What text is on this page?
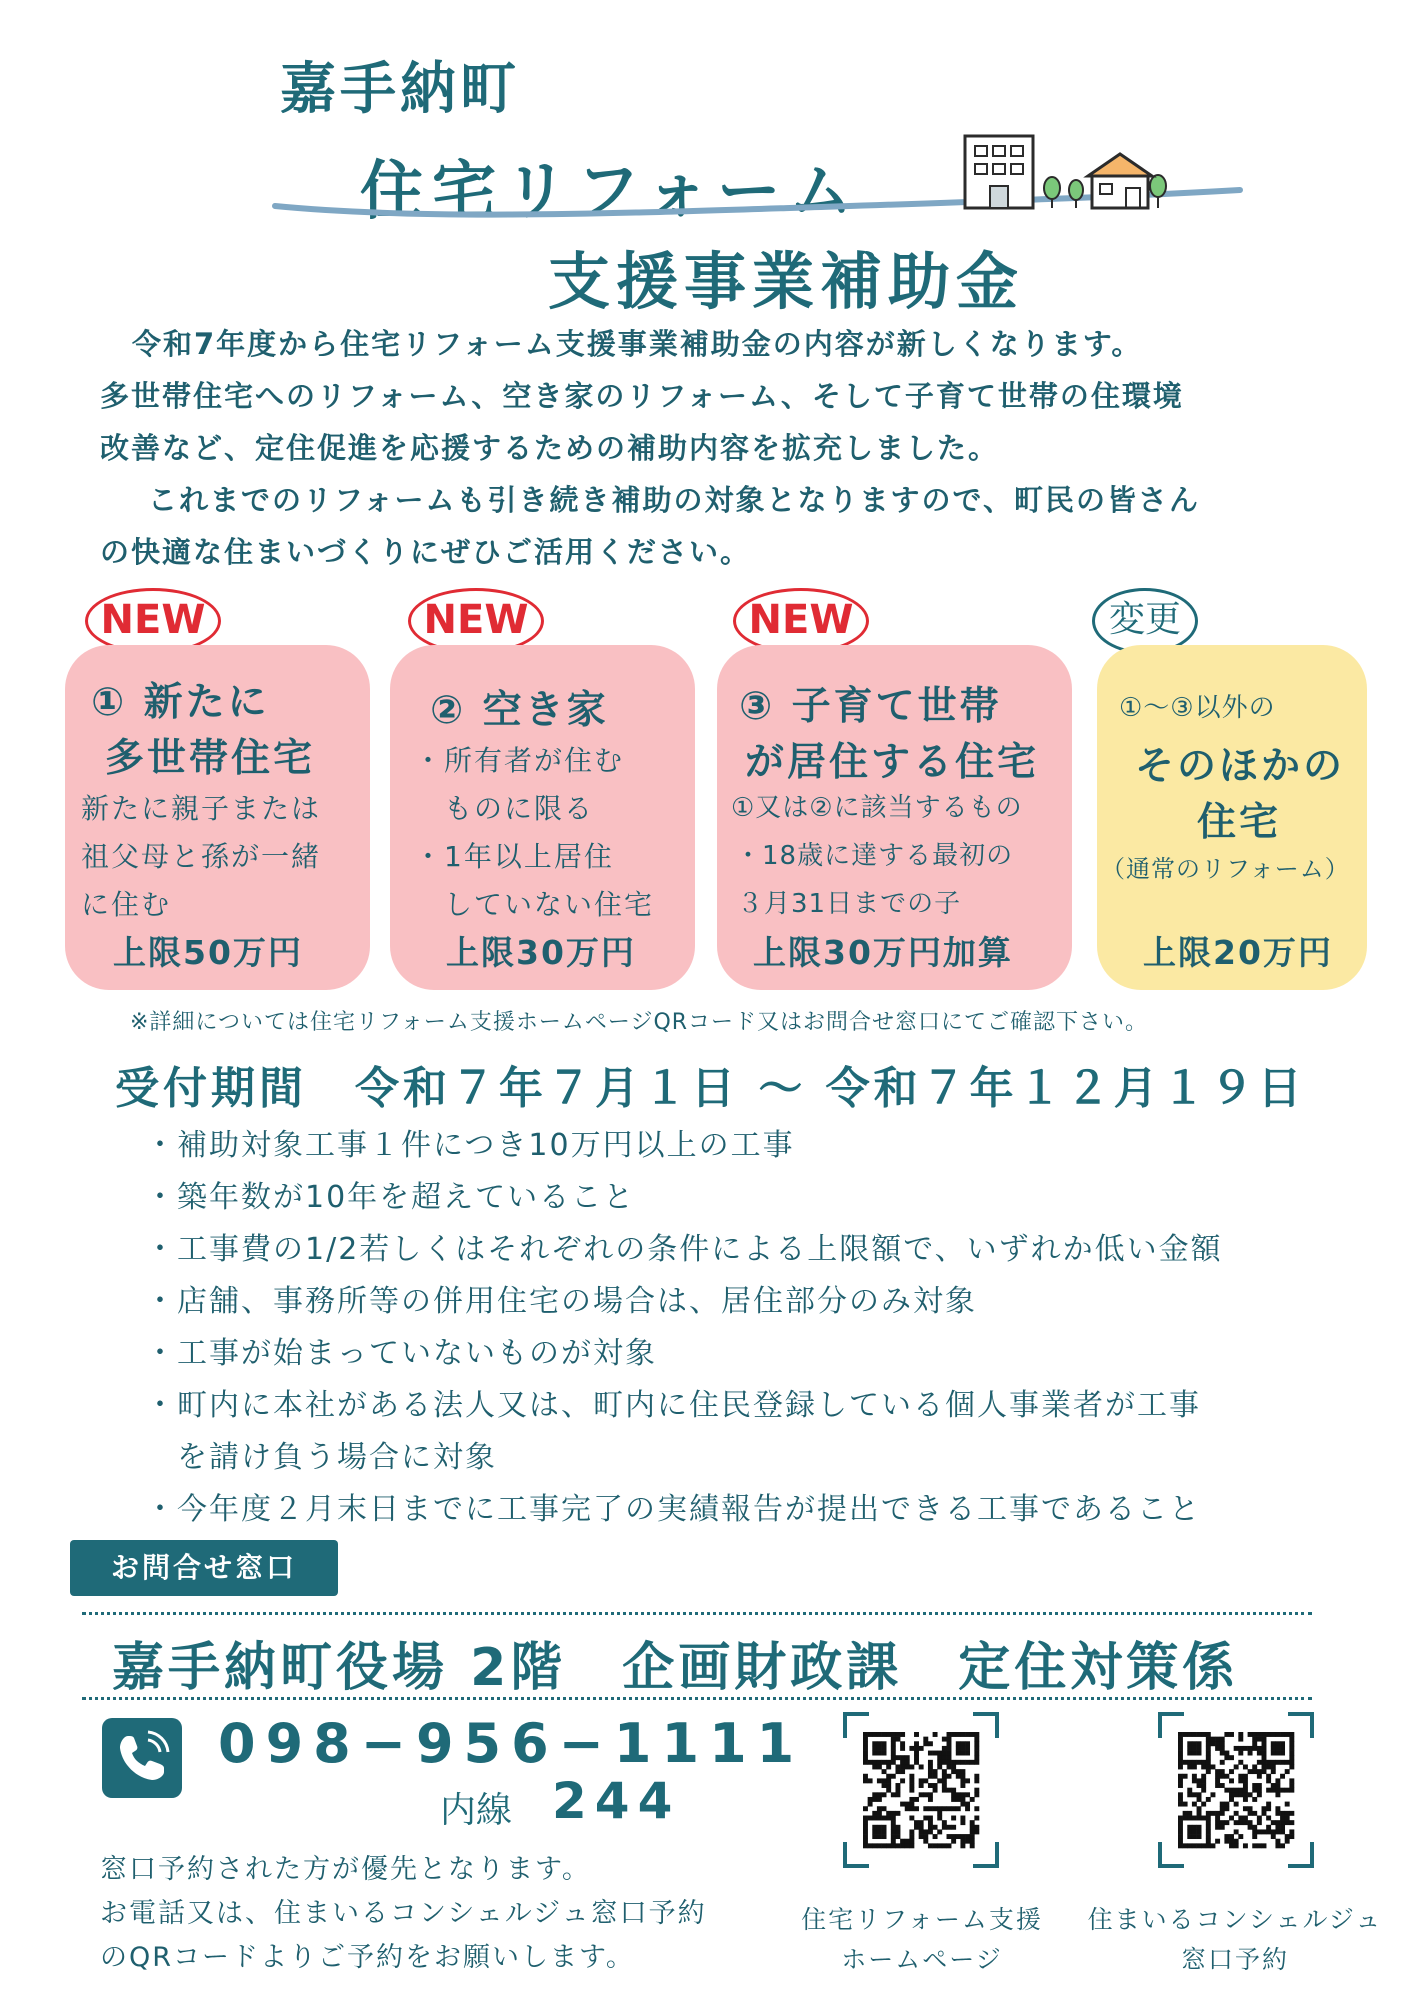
嘉手納町
住宅リフォーム
支援事業補助金

令和7年度から住宅リフォーム支援事業補助金の内容が新しくなります。

多世帯住宅へのリフォーム、空き家のリフォーム、そして子育て世帯の住環境

改善など、定住促進を応援するための補助内容を拡充しました。

これまでのリフォームも引き続き補助の対象となりますので、町民の皆さん

の快適な住まいづくりにぜひご活用ください。

NEW	NEW	NEW	変更
① 新たに
多世帯住宅
新たに親子または
祖父母と孫が一緒
に住む
上限50万円
② 空き家
・所有者が住む
ものに限る
・1年以上居住
していない住宅
上限30万円
③ 子育て世帯
が居住する住宅
①又は②に該当するもの
・18歳に達する最初の
３月31日までの子
上限30万円加算
①～③以外の
そのほかの
住宅
（通常のリフォーム）
上限20万円
※詳細については住宅リフォーム支援ホームページQRコード又はお問合せ窓口にてご確認下さい。
受付期間　令和７年７月１日 ～ 令和７年１２月１９日
・補助対象工事１件につき10万円以上の工事
・築年数が10年を超えていること
・工事費の1/2若しくはそれぞれの条件による上限額で、いずれか低い金額
・店舗、事務所等の併用住宅の場合は、居住部分のみ対象
・工事が始まっていないものが対象
・町内に本社がある法人又は、町内に住民登録している個人事業者が工事
　を請け負う場合に対象
・今年度２月末日までに工事完了の実績報告が提出できる工事であること
お問合せ窓口
嘉手納町役場 2階　企画財政課　定住対策係
098−956−1111
内線 244
窓口予約された方が優先となります。
お電話又は、住まいるコンシェルジュ窓口予約
のQRコードよりご予約をお願いします。
住宅リフォーム支援
ホームページ
住まいるコンシェルジュ
窓口予約
